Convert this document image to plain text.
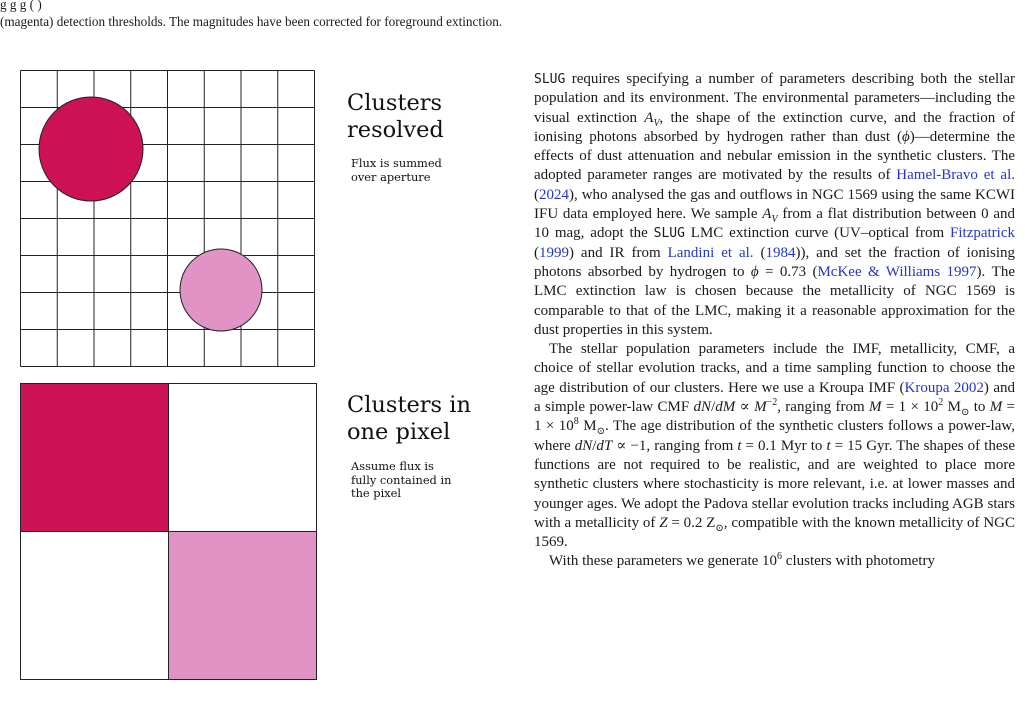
g g g ( )
(magenta) detection thresholds. The magnitudes have been corrected for foreground extinction.
Clusters
resolved
Flux is summed
over aperture
Clusters in
one pixel
Assume flux is
fully contained in
the pixel

SLUG requires specifying a number of parameters describing both the stellar population and its environment. The environmental parameters—including the visual extinction $A_V$, the shape of the extinction curve, and the fraction of ionising photons absorbed by hydrogen rather than dust (ϕ)—determine the effects of dust attenuation and nebular emission in the synthetic clusters. The adopted parameter ranges are motivated by the results of Hamel-Bravo et al. (2024), who analysed the gas and outflows in NGC 1569 using the same KCWI IFU data employed here. We sample $A_V$ from a flat distribution between 0 and 10 mag, adopt the SLUG LMC extinction curve (UV–optical from Fitzpatrick (1999) and IR from Landini et al. (1984)), and set the fraction of ionising photons absorbed by hydrogen to ϕ = 0.73 (McKee & Williams 1997). The LMC extinction law is chosen because the metallicity of NGC 1569 is comparable to that of the LMC, making it a reasonable approximation for the dust properties in this system.

The stellar population parameters include the IMF, metallicity, CMF, a choice of stellar evolution tracks, and a time sampling function to choose the age distribution of our clusters. Here we use a Kroupa IMF (Kroupa 2002) and a simple power-law CMF $dN/dM \propto M^{-2}$, ranging from $M = 1 \times 10^2$ $M_⊙$ to $M = 1 \times 10^8$ $M_⊙$. The age distribution of the synthetic clusters follows a power-law, where dN/dT ∝ −1, ranging from t = 0.1 Myr to t = 15 Gyr. The shapes of these functions are not required to be realistic, and are weighted to place more synthetic clusters where stochasticity is more relevant, i.e. at lower masses and younger ages. We adopt the Padova stellar evolution tracks including AGB stars with a metallicity of Z = 0.2 $Z_⊙$, compatible with the known metallicity of NGC 1569.

With these parameters we generate $10^6$ clusters with photometry
